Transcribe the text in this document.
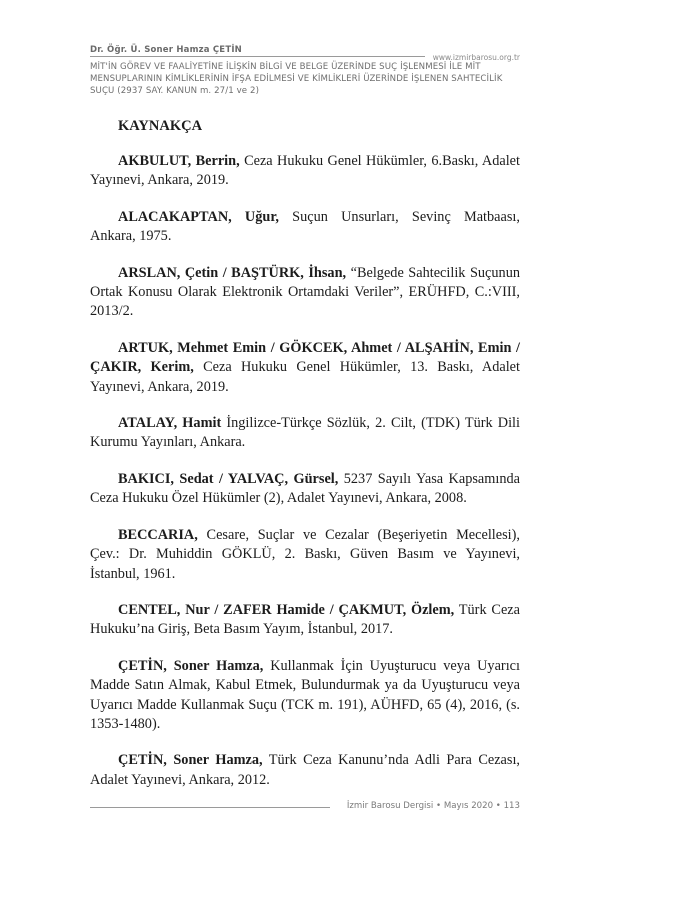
Dr. Öğr. Ü. Soner Hamza ÇETİN
www.izmirbarosu.org.tr
MİT'İN GÖREV VE FAALİYETİNE İLİŞKİN BİLGİ VE BELGE ÜZERİNDE SUÇ İŞLENMESİ İLE MİT MENSUPLARININ KİMLİKLERİNİN İFŞA EDİLMESİ VE KİMLİKLERİ ÜZERİNDE İŞLENEN SAHTECİLİK SUÇU (2937 SAY. KANUN m. 27/1 ve 2)
KAYNAKÇA

AKBULUT, Berrin, Ceza Hukuku Genel Hükümler, 6.Baskı, Adalet Yayınevi, Ankara, 2019.

ALACAKAPTAN, Uğur, Suçun Unsurları, Sevinç Matbaası, Ankara, 1975.

ARSLAN, Çetin / BAŞTÜRK, İhsan, “Belgede Sahtecilik Suçunun Ortak Konusu Olarak Elektronik Ortamdaki Veriler”, ERÜHFD, C.:VIII, 2013/2.

ARTUK, Mehmet Emin / GÖKCEK, Ahmet / ALŞAHİN, Emin / ÇAKIR, Kerim, Ceza Hukuku Genel Hükümler, 13. Baskı, Adalet Yayınevi, Ankara, 2019.

ATALAY, Hamit İngilizce-Türkçe Sözlük, 2. Cilt, (TDK) Türk Dili Kurumu Yayınları, Ankara.

BAKICI, Sedat / YALVAÇ, Gürsel, 5237 Sayılı Yasa Kapsamında Ceza Hukuku Özel Hükümler (2), Adalet Yayınevi, Ankara, 2008.

BECCARIA, Cesare, Suçlar ve Cezalar (Beşeriyetin Mecellesi), Çev.: Dr. Muhiddin GÖKLÜ, 2. Baskı, Güven Basım ve Yayınevi, İstanbul, 1961.

CENTEL, Nur / ZAFER Hamide / ÇAKMUT, Özlem, Türk Ceza Hukuku’na Giriş, Beta Basım Yayım, İstanbul, 2017.

ÇETİN, Soner Hamza, Kullanmak İçin Uyuşturucu veya Uyarıcı Madde Satın Almak, Kabul Etmek, Bulundurmak ya da Uyuşturucu veya Uyarıcı Madde Kullanmak Suçu (TCK m. 191), AÜHFD, 65 (4), 2016, (s. 1353-1480).

ÇETİN, Soner Hamza, Türk Ceza Kanunu’nda Adli Para Cezası, Adalet Yayınevi, Ankara, 2012.

İzmir Barosu Dergisi • Mayıs 2020 • 113
